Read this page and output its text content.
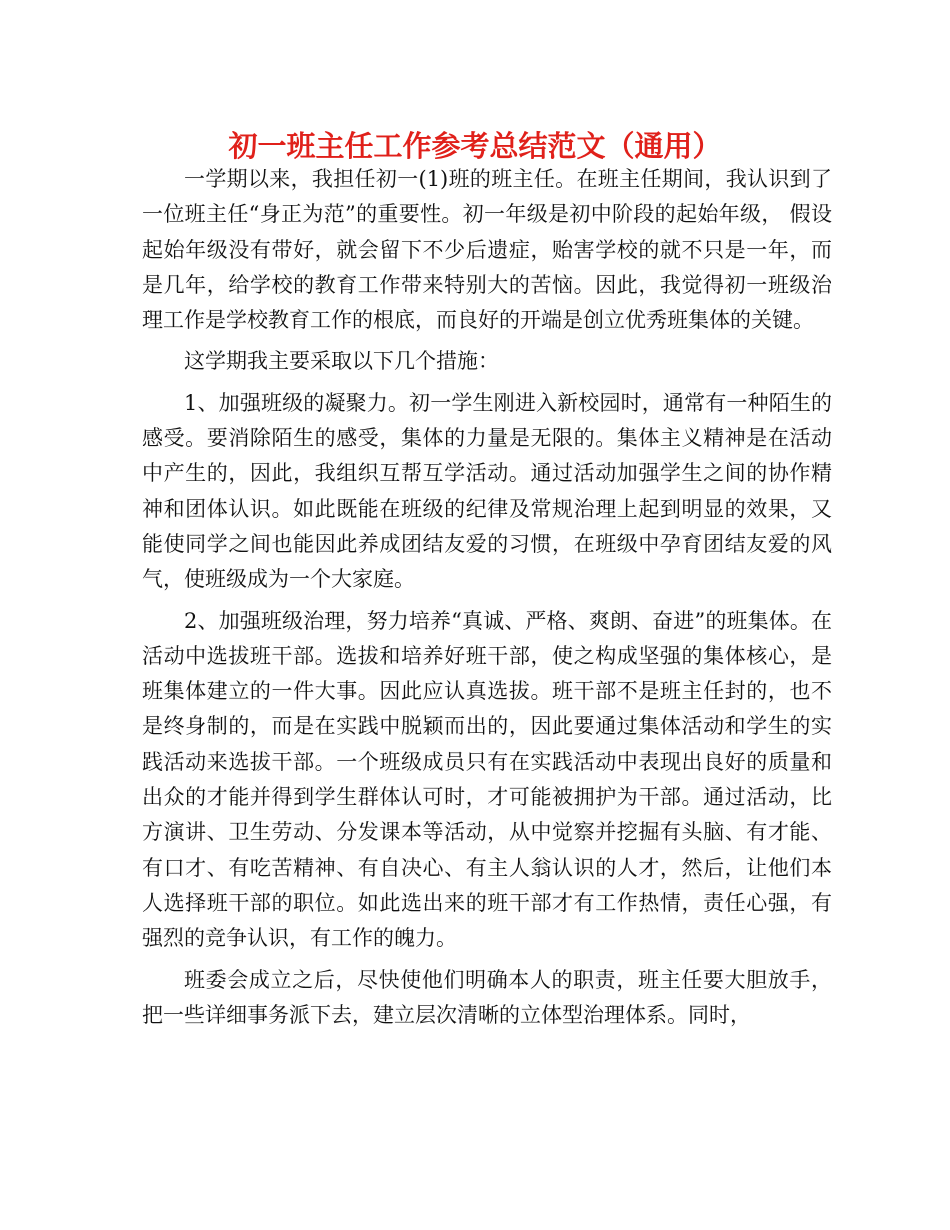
初一班主任工作参考总结范文（通用）

一学期以来，我担任初一(1)班的班主任。在班主任期间，我认识到了一位班主任“身正为范”的重要性。初一年级是初中阶段的起始年级， 假设起始年级没有带好，就会留下不少后遗症，贻害学校的就不只是一年，而是几年，给学校的教育工作带来特别大的苦恼。因此，我觉得初一班级治理工作是学校教育工作的根底，而良好的开端是创立优秀班集体的关键。

这学期我主要采取以下几个措施：

1、加强班级的凝聚力。初一学生刚进入新校园时，通常有一种陌生的感受。要消除陌生的感受，集体的力量是无限的。集体主义精神是在活动中产生的，因此，我组织互帮互学活动。通过活动加强学生之间的协作精神和团体认识。如此既能在班级的纪律及常规治理上起到明显的效果，又能使同学之间也能因此养成团结友爱的习惯，在班级中孕育团结友爱的风气，使班级成为一个大家庭。

2、加强班级治理，努力培养“真诚、严格、爽朗、奋进”的班集体。在活动中选拔班干部。选拔和培养好班干部，使之构成坚强的集体核心，是班集体建立的一件大事。因此应认真选拔。班干部不是班主任封的，也不是终身制的，而是在实践中脱颖而出的，因此要通过集体活动和学生的实践活动来选拔干部。一个班级成员只有在实践活动中表现出良好的质量和出众的才能并得到学生群体认可时，才可能被拥护为干部。通过活动，比方演讲、卫生劳动、分发课本等活动，从中觉察并挖掘有头脑、有才能、有口才、有吃苦精神、有自决心、有主人翁认识的人才，然后，让他们本人选择班干部的职位。如此选出来的班干部才有工作热情，责任心强，有强烈的竞争认识，有工作的魄力。

班委会成立之后，尽快使他们明确本人的职责，班主任要大胆放手，把一些详细事务派下去，建立层次清晰的立体型治理体系。同时，
